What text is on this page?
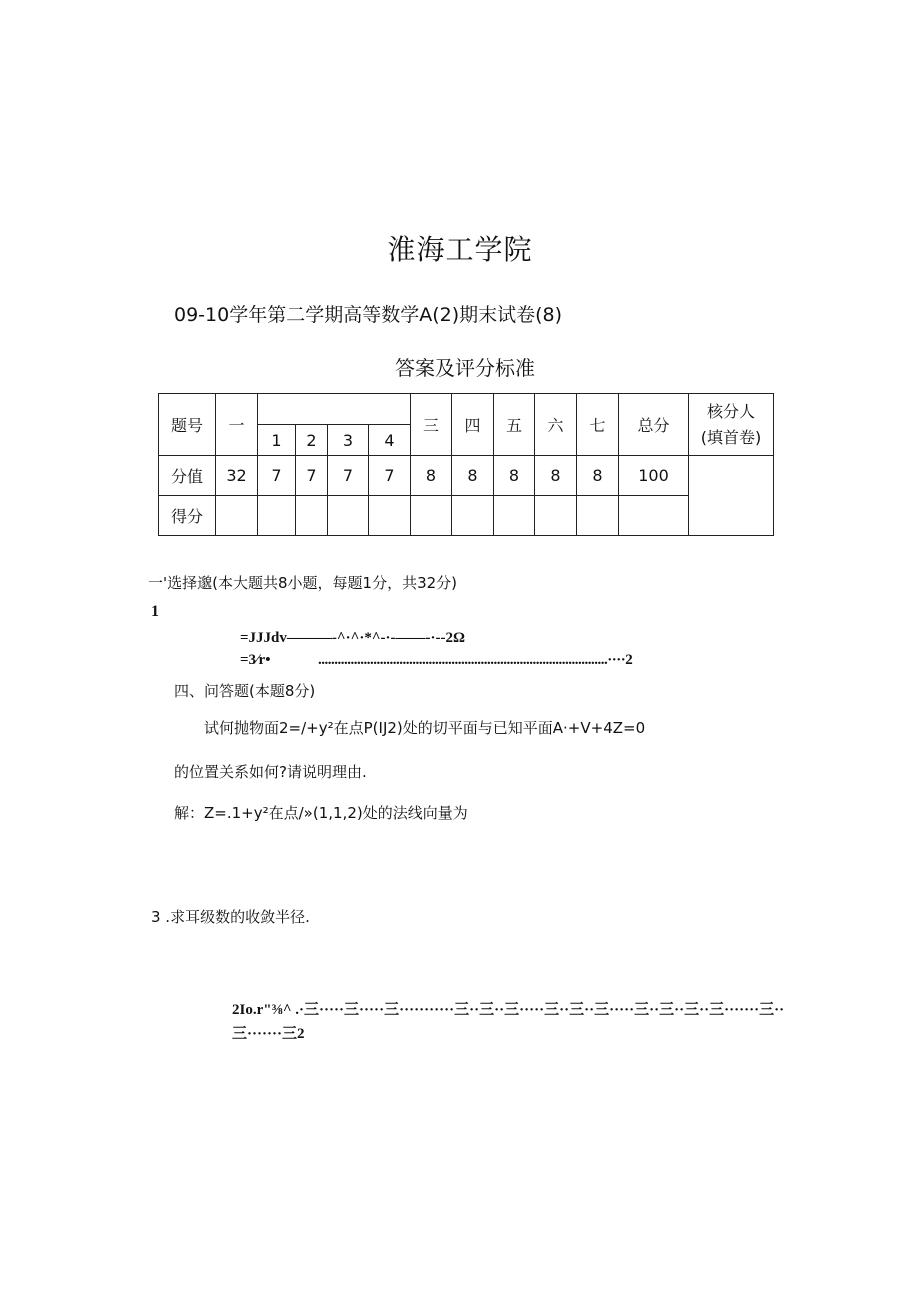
淮海工学院
09-10学年第二学期高等数学A(2)期末试卷(8)
答案及评分标准
题号	一					三	四	五	六	七	总分	核分人
(填首卷)

		1	2	3	4							
分值	32	7	7	7	7	8	8	8	8	8	100	
得分												
一'选择邈(本大题共8小题，每题1分，共32分)
1
=JJJdv———-^·^·*^-·-——-·--2Ω
=3⁄r•	.........................................................................................····2
四、问答题(本题8分)
试何抛物面2=/+y²在点P(IJ2)处的切平面与已知平面A·+V+4Z=0
的位置关系如何?请说明理由.
解：Z=.1+y²在点/»(1,1,2)处的法线向量为
3 .求耳级数的收敛半径.
2Io.r"⅜^ .·三·····三·····三···········三··三··三·····三··三··三·····三··三··三··三·······三··
三·······三2
